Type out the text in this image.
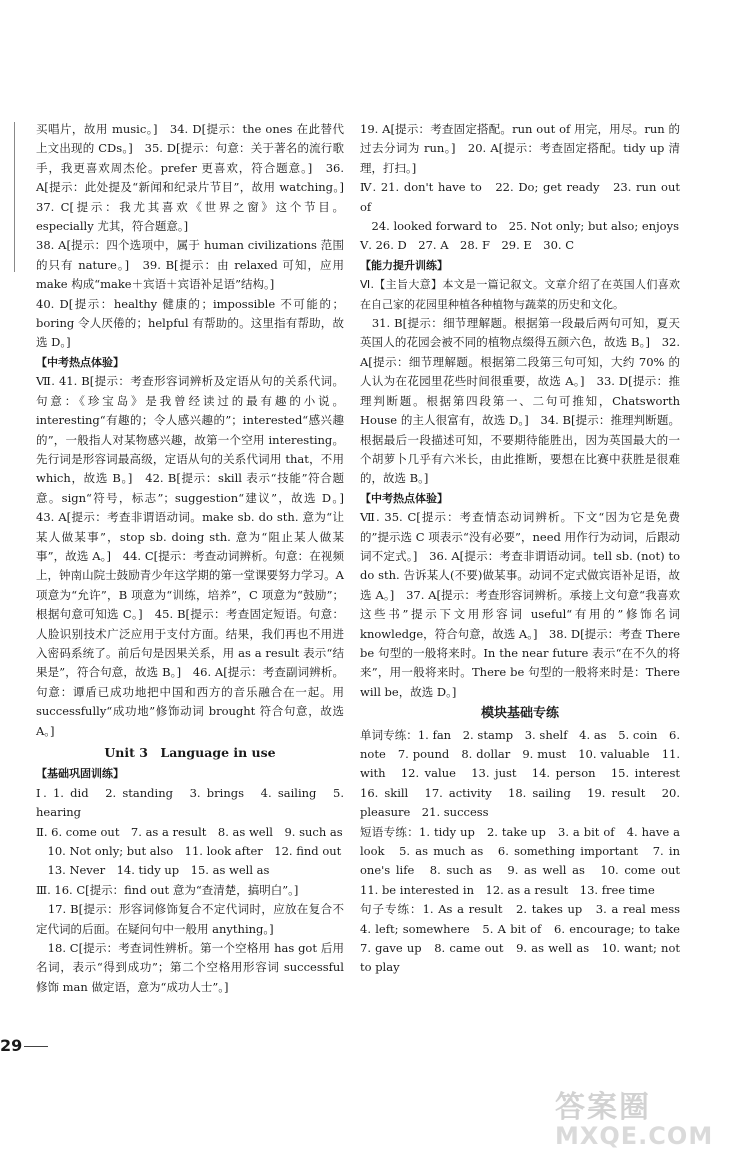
买唱片，故用 music。]　34. D[提示：the ones 在此替代上文出现的 CDs。]　35. D[提示：句意：关于著名的流行歌手，我更喜欢周杰伦。prefer 更喜欢，符合题意。]　36. A[提示：此处提及“新闻和纪录片节目”，故用 watching。]　37. C[提示：我尤其喜欢《世界之窗》这个节目。especially 尤其，符合题意。]

38. A[提示：四个选项中，属于 human civilizations 范围的只有 nature。]　39. B[提示：由 relaxed 可知，应用 make 构成“make＋宾语＋宾语补足语”结构。]

40. D[提示：healthy 健康的；impossible 不可能的；boring 令人厌倦的；helpful 有帮助的。这里指有帮助，故选 D。]

【中考热点体验】

Ⅶ. 41. B[提示：考查形容词辨析及定语从句的关系代词。句意：《珍宝岛》是我曾经读过的最有趣的小说。interesting“有趣的；令人感兴趣的”；interested“感兴趣的”，一般指人对某物感兴趣，故第一个空用 interesting。先行词是形容词最高级，定语从句的关系代词用 that，不用 which，故选 B。]　42. B[提示：skill 表示“技能”符合题意。sign“符号，标志”；suggestion“建议”，故选 D。]　43. A[提示：考查非谓语动词。make sb. do sth. 意为“让某人做某事”，stop sb. doing sth. 意为“阻止某人做某事”，故选 A。]　44. C[提示：考查动词辨析。句意：在视频上，钟南山院士鼓励青少年这学期的第一堂课要努力学习。A 项意为“允许”，B 项意为“训练，培养”，C 项意为“鼓励”；根据句意可知选 C。]　45. B[提示：考查固定短语。句意：人脸识别技术广泛应用于支付方面。结果，我们再也不用进入密码系统了。前后句是因果关系，用 as a result 表示“结果是”，符合句意，故选 B。]　46. A[提示：考查副词辨析。句意：谭盾已成功地把中国和西方的音乐融合在一起。用 successfully“成功地”修饰动词 brought 符合句意，故选 A。]

Unit 3　Language in use

【基础巩固训练】

Ⅰ. 1. did　2. standing　3. brings　4. sailing　5. hearing

Ⅱ. 6. come out　7. as a result　8. as well　9. such as

　10. Not only; but also　11. look after　12. find out

　13. Never　14. tidy up　15. as well as

Ⅲ. 16. C[提示：find out 意为“查清楚，搞明白”。]

　17. B[提示：形容词修饰复合不定代词时，应放在复合不定代词的后面。在疑问句中一般用 anything。]

　18. C[提示：考查词性辨析。第一个空格用 has got 后用名词，表示“得到成功”；第二个空格用形容词 successful 修饰 man 做定语，意为“成功人士”。]

19. A[提示：考查固定搭配。run out of 用完，用尽。run 的过去分词为 run。]　20. A[提示：考查固定搭配。tidy up 清理，打扫。]

Ⅳ. 21. don't have to　22. Do; get ready　23. run out of

　24. looked forward to　25. Not only; but also; enjoys

Ⅴ. 26. D　27. A　28. F　29. E　30. C

【能力提升训练】

Ⅵ.【主旨大意】本文是一篇记叙文。文章介绍了在英国人们喜欢在自己家的花园里种植各种植物与蔬菜的历史和文化。

　31. B[提示：细节理解题。根据第一段最后两句可知，夏天英国人的花园会被不同的植物点缀得五颜六色，故选 B。]　32. A[提示：细节理解题。根据第二段第三句可知，大约 70% 的人认为在花园里花些时间很重要，故选 A。]　33. D[提示：推理判断题。根据第四段第一、二句可推知，Chatsworth House 的主人很富有，故选 D。]　34. B[提示：推理判断题。根据最后一段描述可知，不要期待能胜出，因为英国最大的一个胡萝卜几乎有六米长，由此推断，要想在比赛中获胜是很难的，故选 B。]

【中考热点体验】

Ⅶ. 35. C[提示：考查情态动词辨析。下文“因为它是免费的”提示选 C 项表示“没有必要”，need 用作行为动词，后跟动词不定式。]　36. A[提示：考查非谓语动词。tell sb. (not) to do sth. 告诉某人(不要)做某事。动词不定式做宾语补足语，故选 A。]　37. A[提示：考查形容词辨析。承接上文句意“我喜欢这些书”提示下文用形容词 useful“有用的”修饰名词 knowledge，符合句意，故选 A。]　38. D[提示：考查 There be 句型的一般将来时。In the near future 表示“在不久的将来”，用一般将来时。There be 句型的一般将来时是：There will be，故选 D。]

模块基础专练

单词专练：1. fan　2. stamp　3. shelf　4. as　5. coin　6. note　7. pound　8. dollar　9. must　10. valuable　11. with　12. value　13. just　14. person　15. interest　16. skill　17. activity　18. sailing　19. result　20. pleasure　21. success

短语专练：1. tidy up　2. take up　3. a bit of　4. have a look　5. as much as　6. something important　7. in one's life　8. such as　9. as well as　10. come out　11. be interested in　12. as a result　13. free time

句子专练：1. As a result　2. takes up　3. a real mess　4. left; somewhere　5. A bit of　6. encourage; to take　7. gave up　8. came out　9. as well as　10. want; not to play

29
答案圈
MXQE.COM
